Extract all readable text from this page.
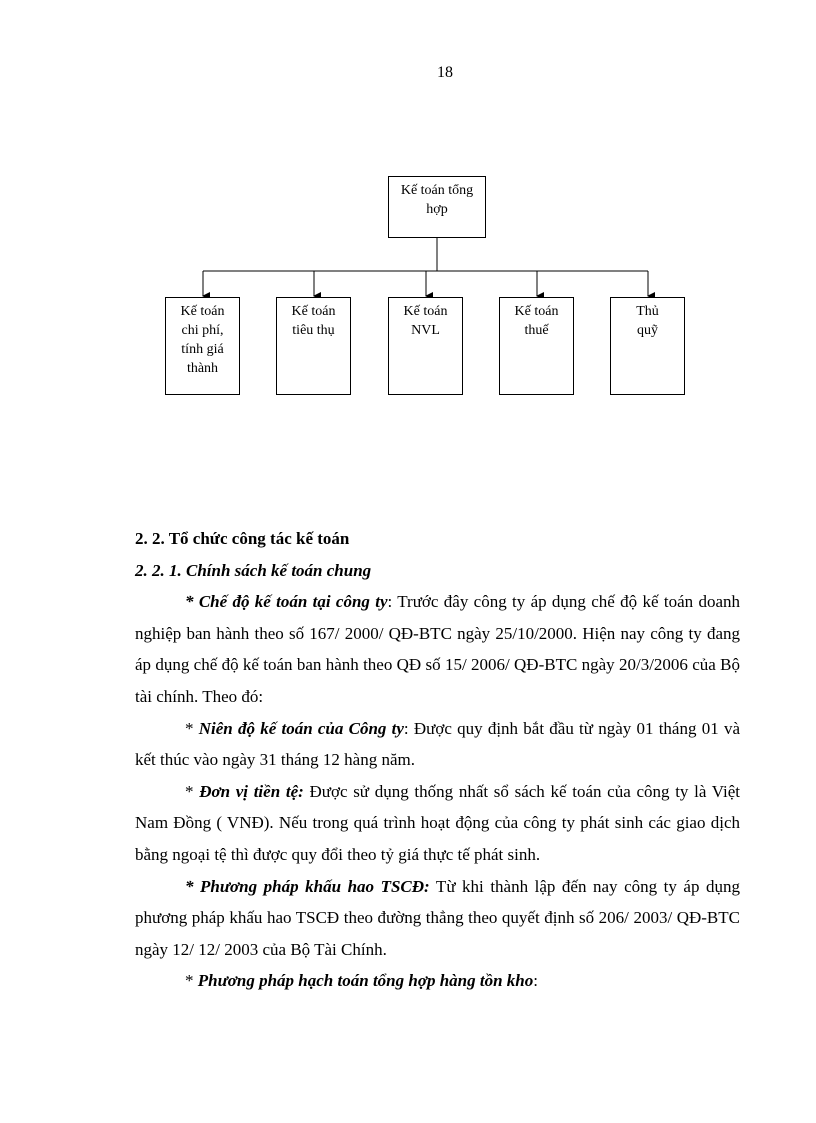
18
Kế toán tổng
hợp
Kế toán
chi phí,
tính giá
thành
Kế toán
tiêu thụ
Kế toán
NVL
Kế toán
thuế
Thủ
quỹ

2. 2. Tổ chức công tác kế toán

2. 2. 1. Chính sách kế toán chung

* Chế độ kế toán tại công ty: Trước đây công ty áp dụng chế độ kế toán doanh nghiệp ban hành theo số 167/ 2000/ QĐ-BTC ngày 25/10/2000. Hiện nay công ty đang áp dụng chế độ kế toán ban hành theo QĐ số 15/ 2006/ QĐ-BTC ngày 20/3/2006 của Bộ tài chính. Theo đó:

* Niên độ kế toán của Công ty: Được quy định bắt đầu từ ngày 01 tháng 01 và kết thúc vào ngày 31 tháng 12 hàng năm.

* Đơn vị tiền tệ: Được sử dụng thống nhất sổ sách kế toán của công ty là Việt Nam Đồng ( VNĐ). Nếu trong quá trình hoạt động của công ty phát sinh các giao dịch bằng ngoại tệ thì được quy đổi theo tỷ giá thực tế phát sinh.

* Phương pháp khấu hao TSCĐ: Từ khi thành lập đến nay công ty áp dụng phương pháp khấu hao TSCĐ theo đường thẳng theo quyết định số 206/ 2003/ QĐ-BTC ngày 12/ 12/ 2003 của Bộ Tài Chính.

* Phương pháp hạch toán tổng hợp hàng tồn kho:
